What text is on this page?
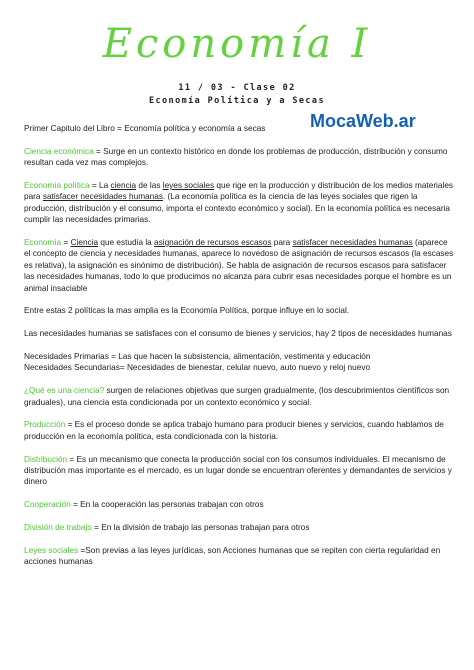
Economía I
11 / 03 - Clase 02
Economía Política y a Secas
MocaWeb.ar

Primer Capitulo del Libro = Economía política y economía a secas

Ciencia económica = Surge en un contexto histórico en donde los problemas de producción, distribución y consumo resultan cada vez mas complejos.

Economía política = La ciencia de las leyes sociales que rige en la producción y distribución de los medios materiales para satisfacer necesidades humanas. (La economía política es la ciencia de las leyes sociales que rigen la producción, distribución y el consumo, importa el contexto económico y social). En la economía política es necesaria cumplir las necesidades primarias.

Economía = Ciencia que estudia la asignación de recursos escasos para satisfacer necesidades humanas (aparece el concepto de ciencia y necesidades humanas, aparece lo novedoso de asignación de recursos escasos (la escases es relativa), la asignación es sinónimo de distribución). Se habla de asignación de recursos escasos para satisfacer las necesidades humanas, todo lo que producimos no alcanza para cubrir esas necesidades porque el hombre es un animal insaciable

Entre estas 2 políticas la mas amplia es la Economía Política, porque influye en lo social.

Las necesidades humanas se satisfaces con el consumo de bienes y servicios, hay 2 tipos de necesidades humanas

Necesidades Primarias = Las que hacen la subsistencia, alimentación, vestimenta y educación

Necesidades Secundarias= Necesidades de bienestar, celular nuevo, auto nuevo y reloj nuevo

¿Qué es una ciencia? surgen de relaciones objetivas que surgen gradualmente, (los descubrimientos científicos son graduales), una ciencia esta condicionada por un contexto económico y social.

Producción = Es el proceso donde se aplica trabajo humano para producir bienes y servicios, cuando hablamos de producción en la economía política, esta condicionada con la historia.

Distribución = Es un mecanismo que conecta la producción social con los consumos individuales. El mecanismo de distribución mas importante es el mercado, es un lugar donde se encuentran oferentes y demandantes de servicios y dinero

Cooperación = En la cooperación las personas trabajan con otros

División de trabajo = En la división de trabajo las personas trabajan para otros

Leyes sociales =Son previas a las leyes jurídicas, son Acciones humanas que se repiten con cierta regularidad en acciones humanas
